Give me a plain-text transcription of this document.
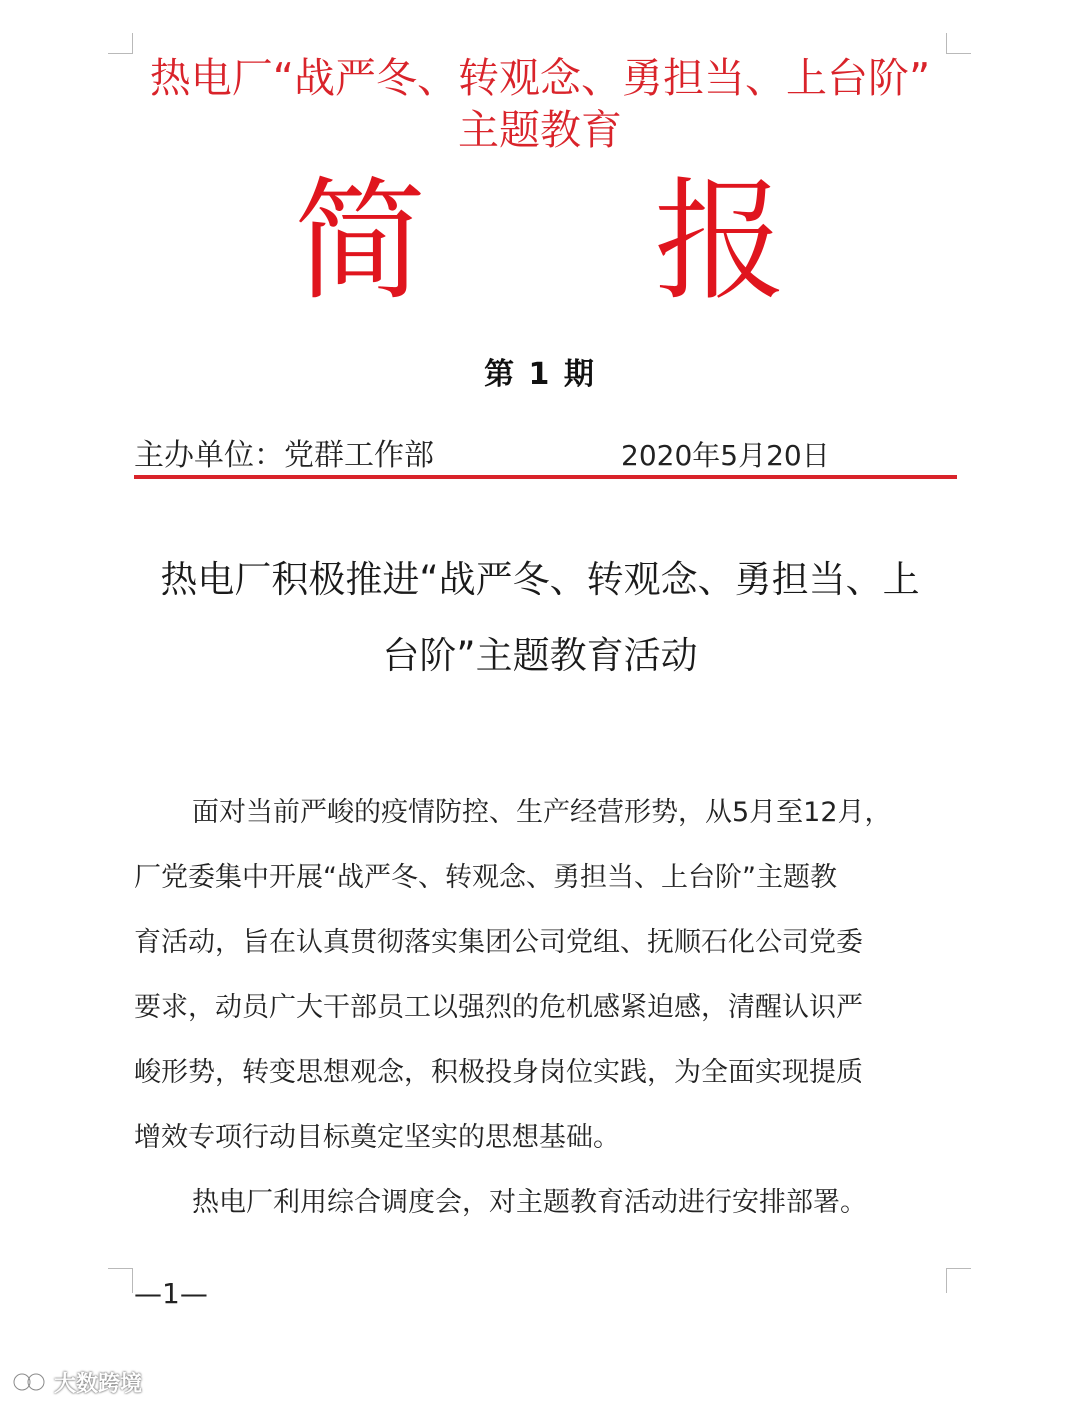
热电厂“战严冬、转观念、勇担当、上台阶”
主题教育
简 报
第 1 期
主办单位：党群工作部	2020年5月20日
热电厂积极推进“战严冬、转观念、勇担当、上
台阶”主题教育活动
面对当前严峻的疫情防控、生产经营形势，从5月至12月，
厂党委集中开展“战严冬、转观念、勇担当、上台阶”主题教
育活动，旨在认真贯彻落实集团公司党组、抚顺石化公司党委
要求，动员广大干部员工以强烈的危机感紧迫感，清醒认识严
峻形势，转变思想观念，积极投身岗位实践，为全面实现提质
增效专项行动目标奠定坚实的思想基础。
热电厂利用综合调度会，对主题教育活动进行安排部署。
—1—
大数跨境
